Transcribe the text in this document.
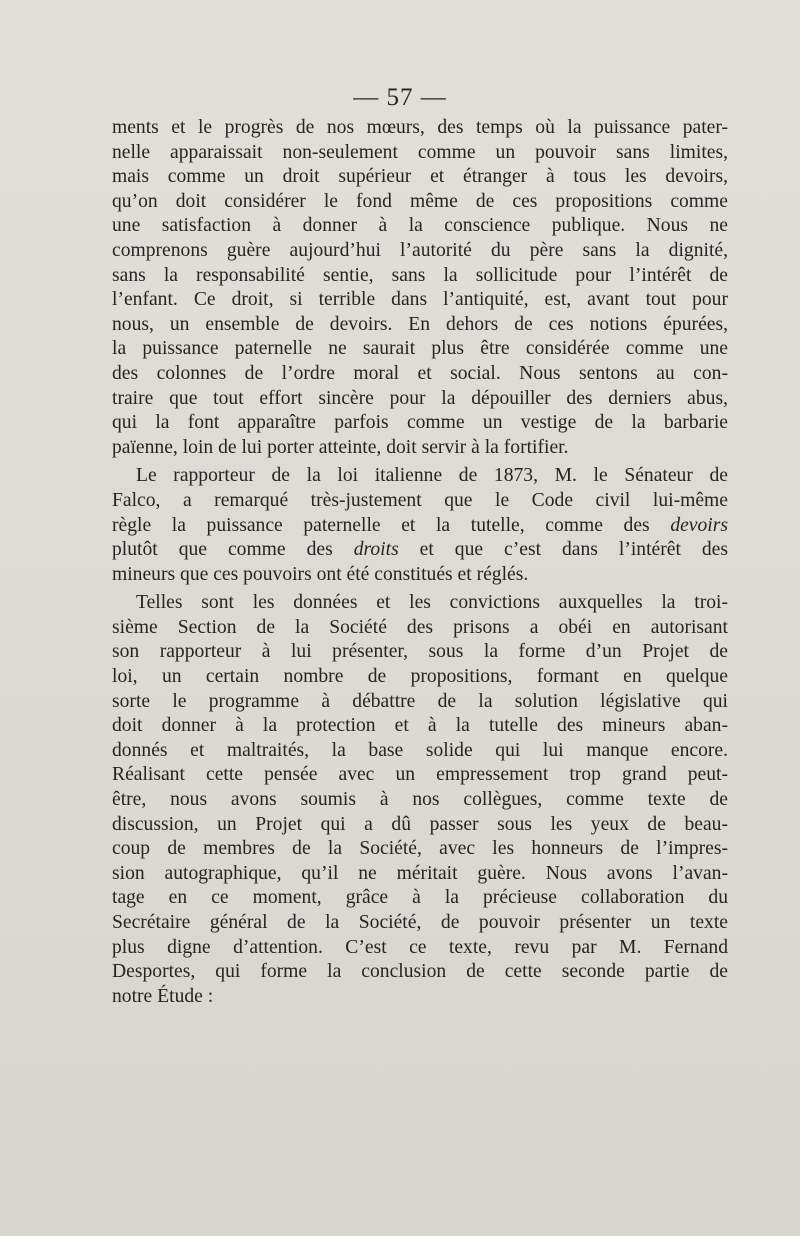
— 57 —
ments et le progrès de nos mœurs, des temps où la puissance pater-
nelle apparaissait non-seulement comme un pouvoir sans limites,
mais comme un droit supérieur et étranger à tous les devoirs,
qu’on doit considérer le fond même de ces propositions comme
une satisfaction à donner à la conscience publique. Nous ne
comprenons guère aujourd’hui l’autorité du père sans la dignité,
sans la responsabilité sentie, sans la sollicitude pour l’intérêt de
l’enfant. Ce droit, si terrible dans l’antiquité, est, avant tout pour
nous, un ensemble de devoirs. En dehors de ces notions épurées,
la puissance paternelle ne saurait plus être considérée comme une
des colonnes de l’ordre moral et social. Nous sentons au con-
traire que tout effort sincère pour la dépouiller des derniers abus,
qui la font apparaître parfois comme un vestige de la barbarie
païenne, loin de lui porter atteinte, doit servir à la fortifier.
Le rapporteur de la loi italienne de 1873, M. le Sénateur de
Falco, a remarqué très-justement que le Code civil lui-même
règle la puissance paternelle et la tutelle, comme des devoirs
plutôt que comme des droits et que c’est dans l’intérêt des
mineurs que ces pouvoirs ont été constitués et réglés.
Telles sont les données et les convictions auxquelles la troi-
sième Section de la Société des prisons a obéi en autorisant
son rapporteur à lui présenter, sous la forme d’un Projet de
loi, un certain nombre de propositions, formant en quelque
sorte le programme à débattre de la solution législative qui
doit donner à la protection et à la tutelle des mineurs aban-
donnés et maltraités, la base solide qui lui manque encore.
Réalisant cette pensée avec un empressement trop grand peut-
être, nous avons soumis à nos collègues, comme texte de
discussion, un Projet qui a dû passer sous les yeux de beau-
coup de membres de la Société, avec les honneurs de l’impres-
sion autographique, qu’il ne méritait guère. Nous avons l’avan-
tage en ce moment, grâce à la précieuse collaboration du
Secrétaire général de la Société, de pouvoir présenter un texte
plus digne d’attention. C’est ce texte, revu par M. Fernand
Desportes, qui forme la conclusion de cette seconde partie de
notre Étude :
